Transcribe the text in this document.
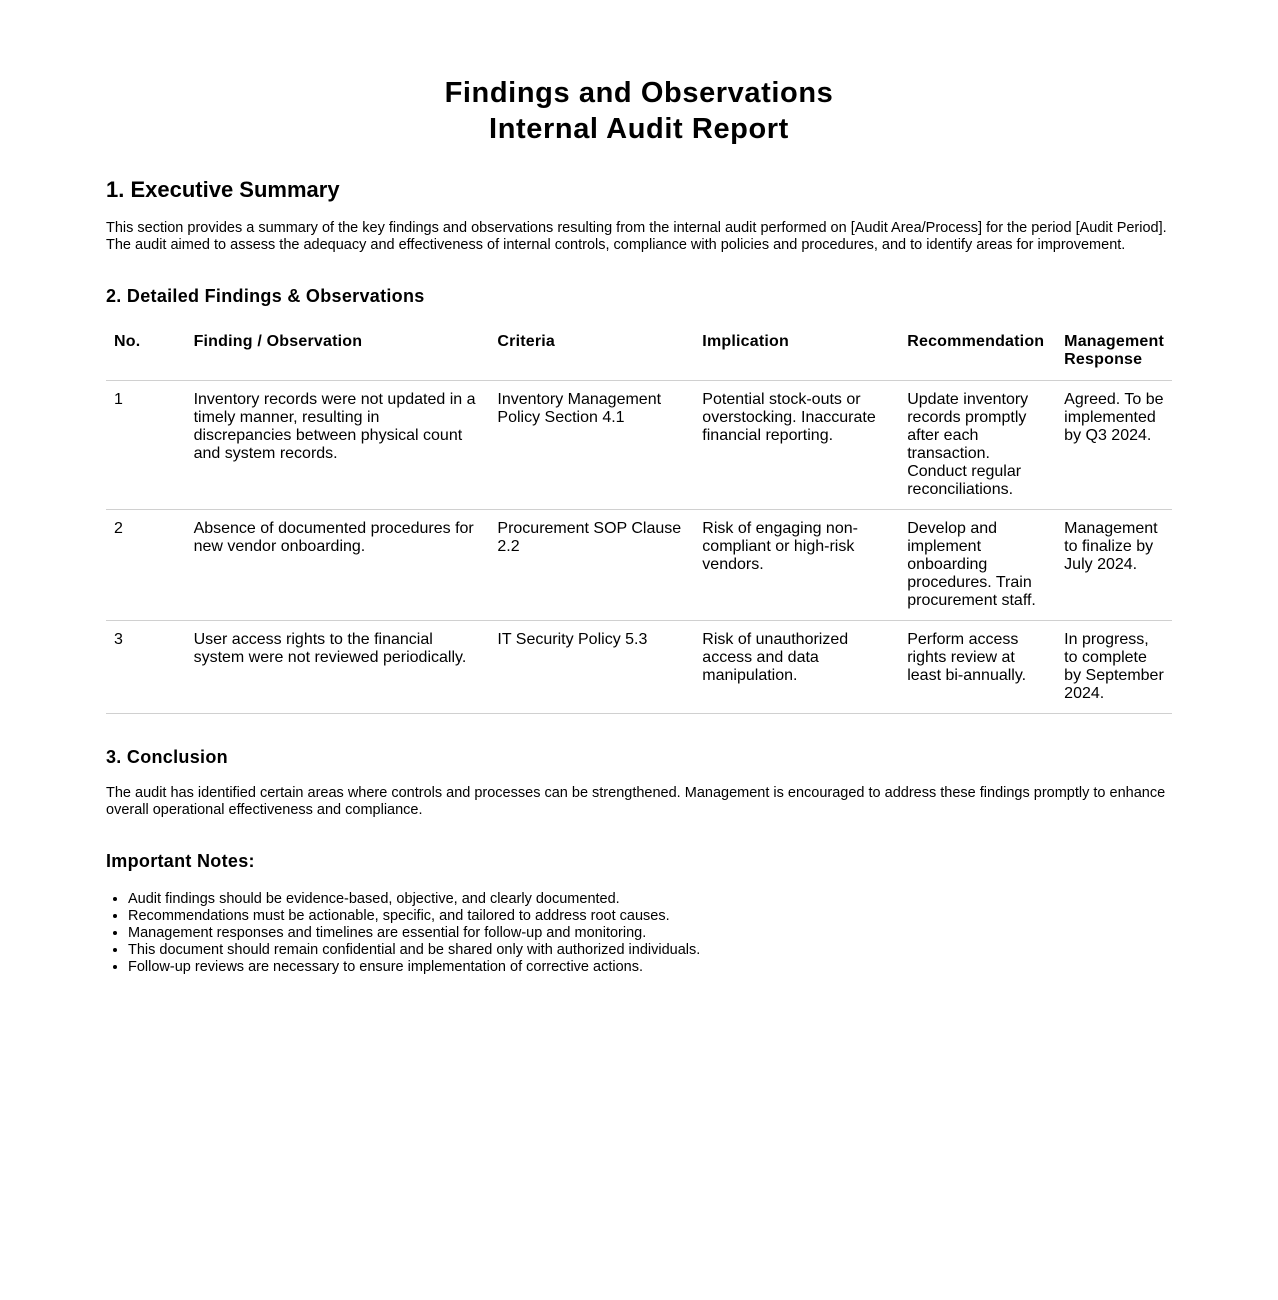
Findings and Observations
Internal Audit Report
1. Executive Summary

This section provides a summary of the key findings and observations resulting from the internal audit performed on [Audit Area/Process] for the period [Audit Period]. The audit aimed to assess the adequacy and effectiveness of internal controls, compliance with policies and procedures, and to identify areas for improvement.

2. Detailed Findings & Observations
No.	Finding / Observation	Criteria	Implication	Recommendation	Management Response
1	Inventory records were not updated in a timely manner, resulting in discrepancies between physical count and system records.	Inventory Management Policy Section 4.1	Potential stock-outs or overstocking. Inaccurate financial reporting.	Update inventory records promptly after each transaction. Conduct regular reconciliations.	Agreed. To be implemented by Q3 2024.
2	Absence of documented procedures for new vendor onboarding.	Procurement SOP Clause 2.2	Risk of engaging non-compliant or high-risk vendors.	Develop and implement onboarding procedures. Train procurement staff.	Management to finalize by July 2024.
3	User access rights to the financial system were not reviewed periodically.	IT Security Policy 5.3	Risk of unauthorized access and data manipulation.	Perform access rights review at least bi-annually.	In progress, to complete by September 2024.
3. Conclusion

The audit has identified certain areas where controls and processes can be strengthened. Management is encouraged to address these findings promptly to enhance overall operational effectiveness and compliance.

Important Notes:
• Audit findings should be evidence-based, objective, and clearly documented.
• Recommendations must be actionable, specific, and tailored to address root causes.
• Management responses and timelines are essential for follow-up and monitoring.
• This document should remain confidential and be shared only with authorized individuals.
• Follow-up reviews are necessary to ensure implementation of corrective actions.
